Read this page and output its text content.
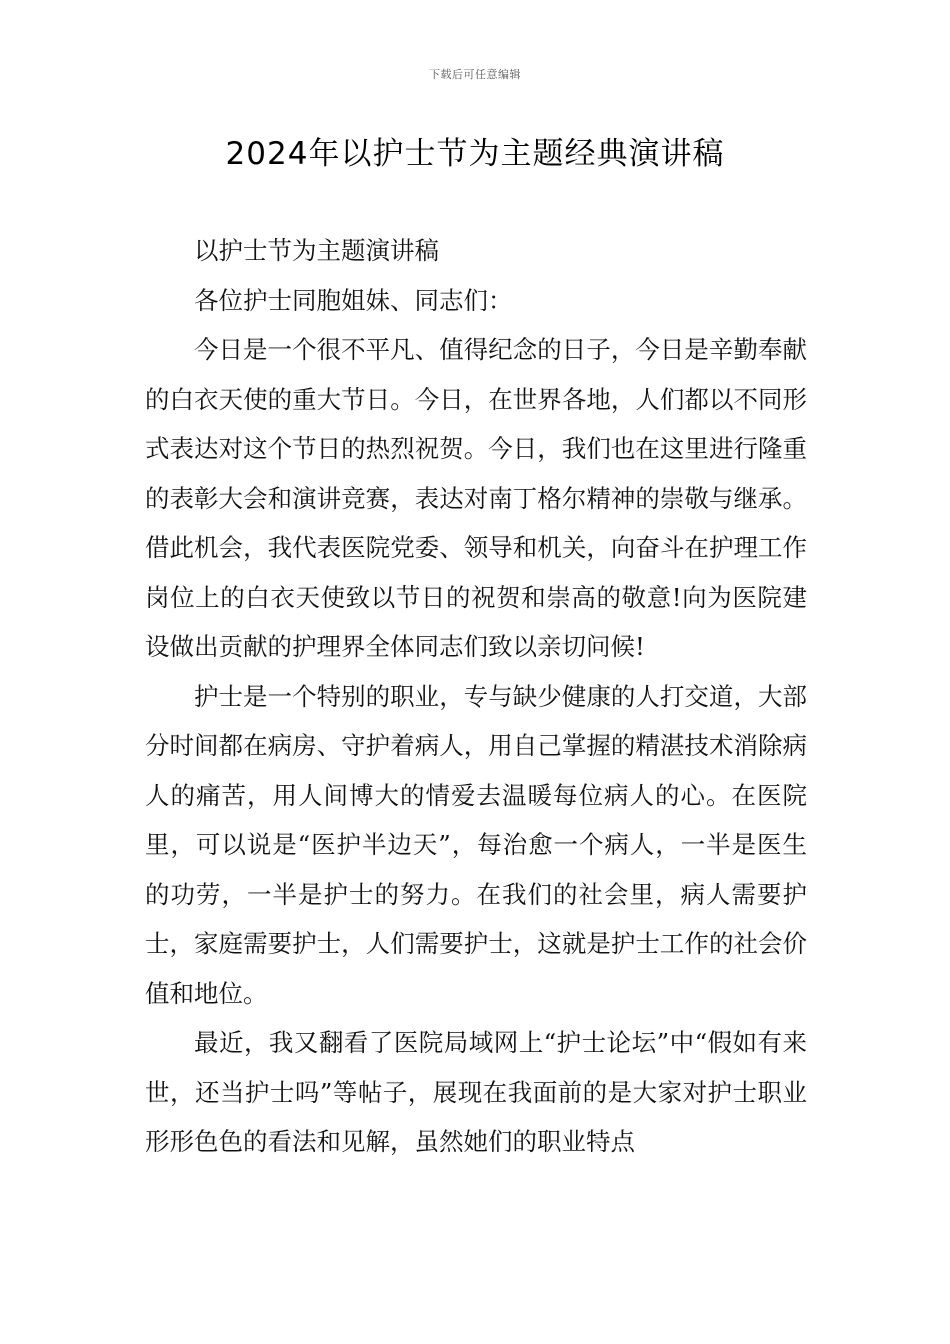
下载后可任意编辑
2024年以护士节为主题经典演讲稿

以护士节为主题演讲稿

各位护士同胞姐妹、同志们：

今日是一个很不平凡、值得纪念的日子，今日是辛勤奉献的白衣天使的重大节日。今日，在世界各地，人们都以不同形式表达对这个节日的热烈祝贺。今日，我们也在这里进行隆重的表彰大会和演讲竞赛，表达对南丁格尔精神的崇敬与继承。借此机会，我代表医院党委、领导和机关，向奋斗在护理工作岗位上的白衣天使致以节日的祝贺和崇高的敬意!向为医院建设做出贡献的护理界全体同志们致以亲切问候!

护士是一个特别的职业，专与缺少健康的人打交道，大部分时间都在病房、守护着病人，用自己掌握的精湛技术消除病人的痛苦，用人间博大的情爱去温暖每位病人的心。在医院里，可以说是“医护半边天”，每治愈一个病人，一半是医生的功劳，一半是护士的努力。在我们的社会里，病人需要护士，家庭需要护士，人们需要护士，这就是护士工作的社会价值和地位。

最近，我又翻看了医院局域网上“护士论坛”中“假如有来世，还当护士吗”等帖子，展现在我面前的是大家对护士职业形形色色的看法和见解，虽然她们的职业特点
